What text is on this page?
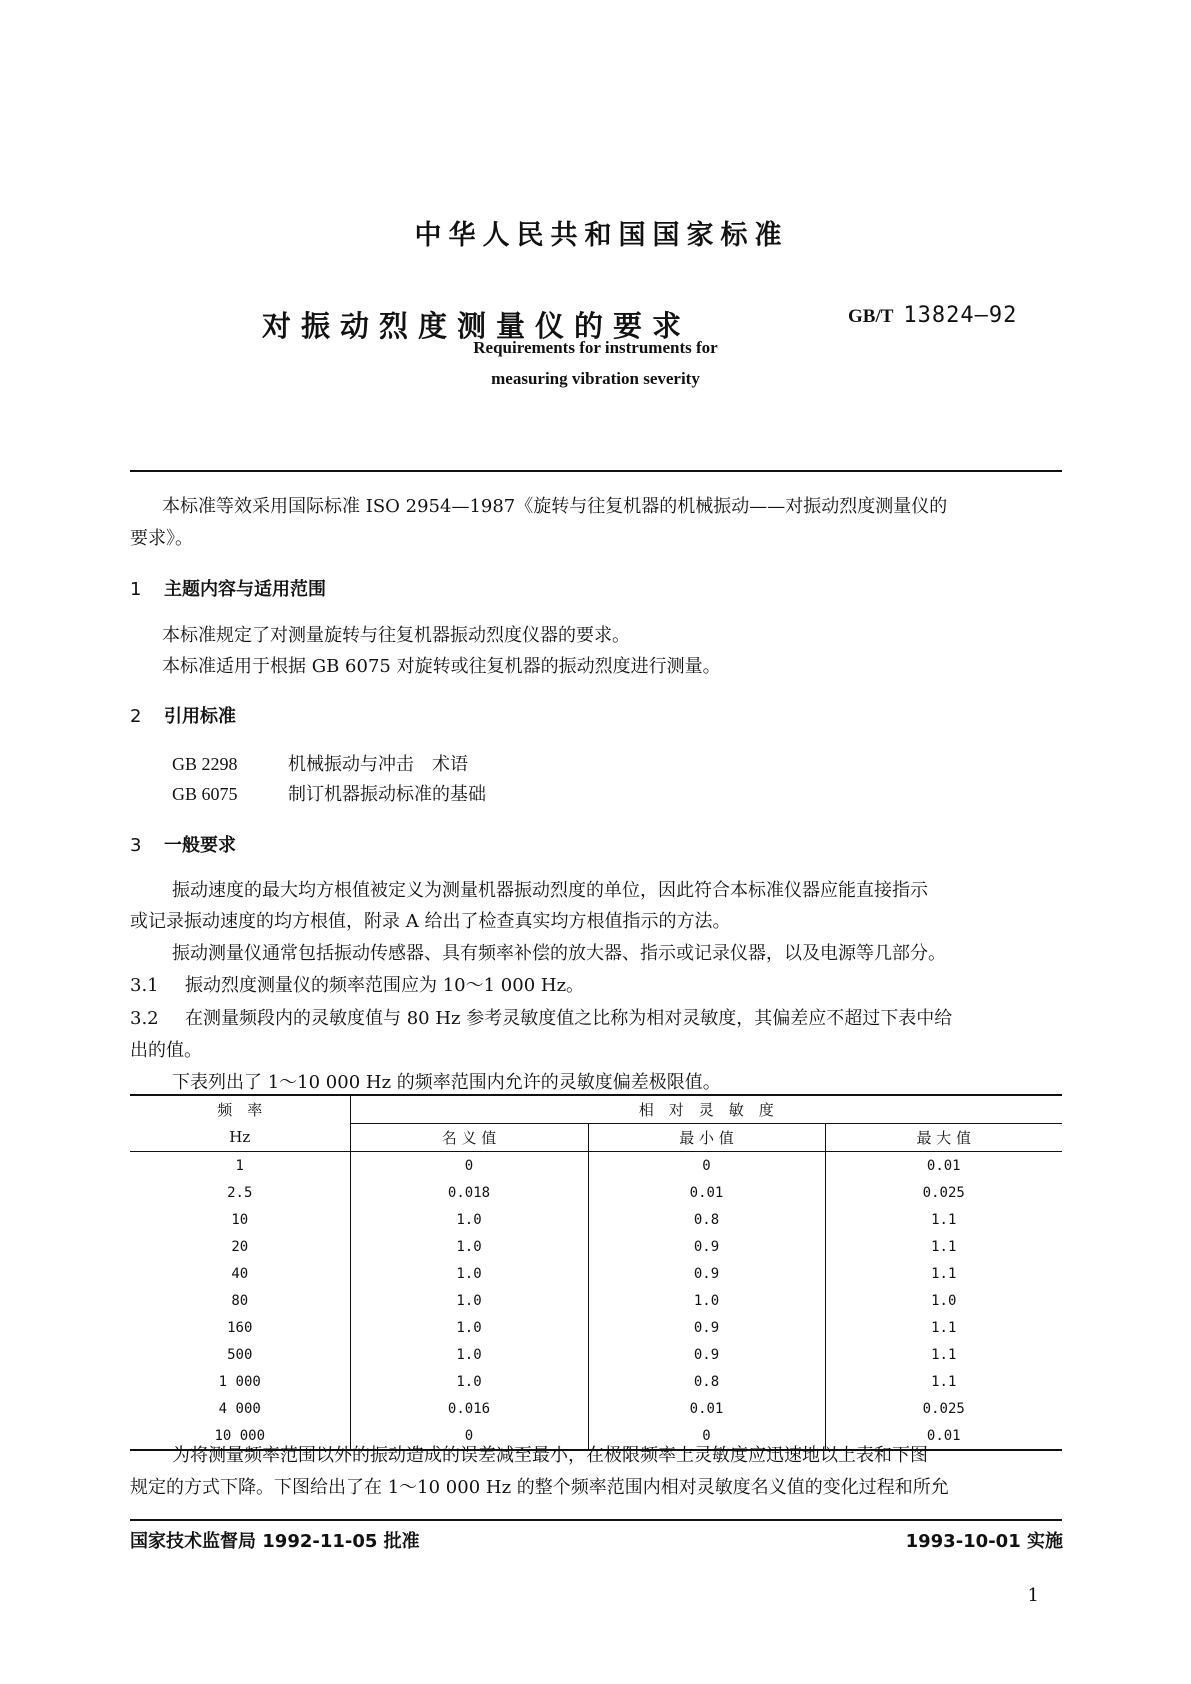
中华人民共和国国家标准
对振动烈度测量仪的要求	GB/T 13824—92
Requirements for instruments for
measuring vibration severity
本标准等效采用国际标准 ISO 2954—1987《旋转与往复机器的机械振动——对振动烈度测量仪的
要求》。
1 主题内容与适用范围
本标准规定了对测量旋转与往复机器振动烈度仪器的要求。
本标准适用于根据 GB 6075 对旋转或往复机器的振动烈度进行测量。
2 引用标准
GB 2298	机械振动与冲击　术语
GB 6075	制订机器振动标准的基础
3 一般要求
振动速度的最大均方根值被定义为测量机器振动烈度的单位，因此符合本标准仪器应能直接指示
或记录振动速度的均方根值，附录 A 给出了检查真实均方根值指示的方法。
振动测量仪通常包括振动传感器、具有频率补偿的放大器、指示或记录仪器，以及电源等几部分。
3.1 振动烈度测量仪的频率范围应为 10～1 000 Hz。
3.2 在测量频段内的灵敏度值与 80 Hz 参考灵敏度值之比称为相对灵敏度，其偏差应不超过下表中给
出的值。
下表列出了 1～10 000 Hz 的频率范围内允许的灵敏度偏差极限值。
频　率	相　对　灵　敏　度		
Hz	名 义 值	最 小 值	最 大 值
1	0	0	0.01
2.5	0.018	0.01	0.025
10	1.0	0.8	1.1
20	1.0	0.9	1.1
40	1.0	0.9	1.1
80	1.0	1.0	1.0
160	1.0	0.9	1.1
500	1.0	0.9	1.1
1 000	1.0	0.8	1.1
4 000	0.016	0.01	0.025
10 000	0	0	0.01
为将测量频率范围以外的振动造成的误差减至最小，在极限频率上灵敏度应迅速地以上表和下图
规定的方式下降。下图给出了在 1～10 000 Hz 的整个频率范围内相对灵敏度名义值的变化过程和所允
国家技术监督局 1992-11-05 批准	1993-10-01 实施
1
